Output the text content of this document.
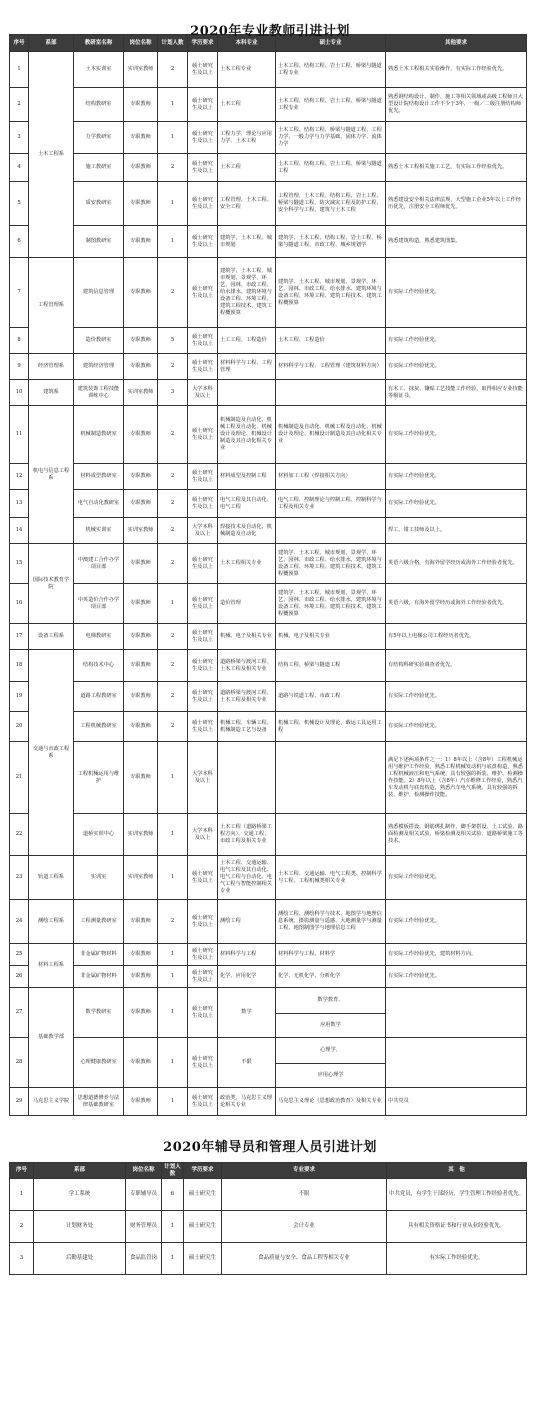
2020年专业教师引进计划
序号	系部	教研室名称	岗位名称	计划人数	学历要求	本科专业	硕士专业	其他要求
1	土木工程系	土木实训室	实训室教师	2	硕士研究生及以上	土木工程专业	土木工程、结构工程、岩土工程、桥梁与隧道工程专业	熟悉土木工程相关实验操作，有实际工作经验优先。
2		结构教研室	专职教师	1	硕士研究生及以上	土木工程	土木工程、结构工程、岩土工程、桥梁与隧道工程专业	熟悉钢结构设计、制作、施工等相关领域或高级工程师且大型设计院结构设计工作不少于3年，一级／二级注册结构师优先。
3		力学教研室	专职教师	1	硕士研究生及以上	工程力学、理论与应用力学、土木工程	土木工程、结构工程、桥梁与隧道工程、工程力学、一般力学与力学基础、固体力学、流体力学	
4		施工教研室	专职教师	2	硕士研究生及以上	土木工程	土木工程、结构工程、岩土工程、桥梁与隧道工程	熟悉土木工程相关施工工艺，有实际工作经验优先。
5		质安教研室	专职教师	1	硕士研究生及以上	工程管理、土木工程、安全工程	工程管理、土木工程、结构工程、岩土工程、桥梁与隧道工程、防灾减灾工程及防护工程、安全科学与工程、建筑与土木工程	熟悉建设安全相关法律法规，大型施工企业5年以上工作经历优先，注册安全工程师优先。
6		制图教研室	专职教师	1	硕士研究生及以上	建筑学、土木工程、城市规划	建筑学、土木工程、结构工程、岩土工程、桥梁与隧道工程、市政工程、城乡规划学	熟悉建筑构造，熟悉建筑图集。
7	工程管理系	建筑信息管理	专职教师	2	硕士研究生及以上	建筑学、土木工程、城市规划、景观学、环艺、园林、市政工程、给水排水、建筑环境与设备工程、环境工程、建筑工程技术、建筑工程概预算	建筑学、土木工程、城市规划、景观学、环艺、园林、市政工程、给水排水、建筑环境与设备工程、环境工程、建筑工程技术、建筑工程概预算	有实际工作经验优先。
8		造价教研室	专职教师	5	硕士研究生及以上	土工工程、工程造价	土木工程、工程造价	有实际工作经验优先。
9	经济管理系	建筑经济管理	专职教师	2	硕士研究生及以上	材料科学与工程、工程管理	材料科学与工程、工程管理（建筑材料方向）	有实际工作经验优先。
10	建筑系	建筑装饰工程技能训练中心	实训室教师	3	大学本科及以上			有木工、抹灰、镶贴工艺技能工作经验，取得相应专业技能等级证书。
11	机电与信息工程系	机械制造教研室	专职教师	2	硕士研究生及以上	机械制造及自动化、机械工程及自动化、机械设计及理论、机械设计制造及其自动化相关专业	机械制造及自动化、机械工程及自动化、机械设计及理论、机械设计制造及其自动化相关专业	有实际工作经验优先。
12		材料成型教研室	专职教师	2	硕士研究生及以上	材料成型及控制工程	材料加工工程（焊接相关方向）	有实际工作经验优先。
13		电气自动化教研室	专职教师	2	硕士研究生及以上	电气工程及其自动化、电气工程	电气工程、控制理论与控制工程、控制科学与工程及相关专业	有实际工作经验优先。
14		机械实训室	实训室教师	2	大学本科及以上	焊接技术及自动化、机械制造及自动化		焊工、钳工技师及以上。
15	国际技术教育学院	中澳建工合作办学项目部	专职教师	2	硕士研究生及以上	土木工程相关专业	建筑学、土木工程、城市规划、景观学、环艺、园林、市政工程、给水排水、建筑环境与设备工程、环境工程、建筑工程技术、建筑工程概预算	英语六级合格，有海外留学经历或海外工作经验者优先。
16		中英造价合作办学项目部	专职教师	1	硕士研究生及以上	造价管理	建筑学、土木工程、城市规划、景观学、环艺、园林、市政工程、给水排水、建筑环境与设备工程、环境工程、建筑工程技术、建筑工程概预算	英语六级，有海外留学经历或海外工作经验者优先。
17	设备工程系	电梯教研室	专职教师	2	硕士研究生及以上	机械、电子及相关专业	机械、电子及相关专业	有5年以上电梯公司工程经历者优先。
18	交通与市政工程系	结构技术中心	专职教师	2	硕士研究生及以上	道路桥梁与渡河工程、土木工程及相关专业	结构工程、桥梁与隧道工程	有结构科研实验调查者优先。
19		道路工程教研室	专职教师	2	硕士研究生及以上	道路桥梁与渡河工程、土木工程及相关专业	道路与铁道工程、市政工程	有实际工作经验优先。
20		工程机械教研室	专职教师	2	硕士研究生及以上	机械工程、车辆工程、机械制造工艺与设备	机械工程、机械设计及理论、载运工具运用工程	有实际工作经验优先。
21		工程机械运用与维护	专职教师	1	大学本科及以上			满足下述两项条件之一：1）8年以上（含8年）工程机械运用与维护工作经验，熟悉工程机械发动机与底盘构造，熟悉工程机械液压和电气系统，具有较强的拆装、维护、检测操作技能。2）8年以上（含8年）汽车维修工作经验，熟悉汽车发动机与底盘构造，熟悉汽车电气系统，具有较强的拆装、维护、检测操作技能。
22		道桥实训中心	实训室教师	1	大学本科及以上	土木工程（道路桥梁工程方向）、交通工程、市政工程及相关专业		熟悉模板搭设、钢筋绑扎制作、脚手架搭设、土工试验、路面检测及相关试验、桥梁检测及相关试验、道路桥梁施工等技术。
23	轨道工程系	实训室	实训室教师	1	硕士研究生及以上	土木工程、交通运输、电气工程及其自动化、电气工程与自动化、电气工程与智能控制相关专业	土木工程、交通运输、电气工程类、控制科学与工程、工程机械类相关专业	有实际工作经验优先。
24	测绘工程系	工程测量教研室	专职教师	2	硕士研究生及以上	测绘工程	测绘工程、测绘科学与技术、地图学与地理信息系统、摄影测量与遥感、大地测量学与测量工程、地图制图学与地理信息工程	有实际工作经验优先。
25	材料工程系	非金属矿物材料	专职教师	1	硕士研究生及以上	材料科学与工程	材料科学与工程、材料学	有实际工作经验优先，建筑材料方向。
26		非金属矿物材料	专职教师	1	硕士研究生及以上	化学、应用化学	化学、无机化学、分析化学	有实际工作经验优先。
27	基础教学部	数学教研室	专职教师	1	硕士研究生及以上	数学	数学教育、	
							应用数学	
28		心理健康教研室	专职教师	1	硕士研究生及以上	不限	心理学、	
							应用心理学	
29	马克思主义学院	思想道德修养与法律基础教研室	专职教师	1	硕士研究生及以上	政治类、马克思主义理论相关专业	马克思主义理论（思想政治教育）及相关专业	中共党员
2020年辅导员和管理人员引进计划
序号	系部	岗位名称	计划人数	学历要求	专业要求	其　他
1	学工系统	专职辅导员	6	硕士研究生	不限	中共党员，有学生干部经历，学生管理工作经验者优先。
2	计划财务处	财务管理员	1	硕士研究生	会计专业	具有相关资格证书和行业从业经验优先。
3	后勤基建处	食品监管岗	1	硕士研究生	食品质量与安全、食品工程等相关专业	有实际工作经验优先。
